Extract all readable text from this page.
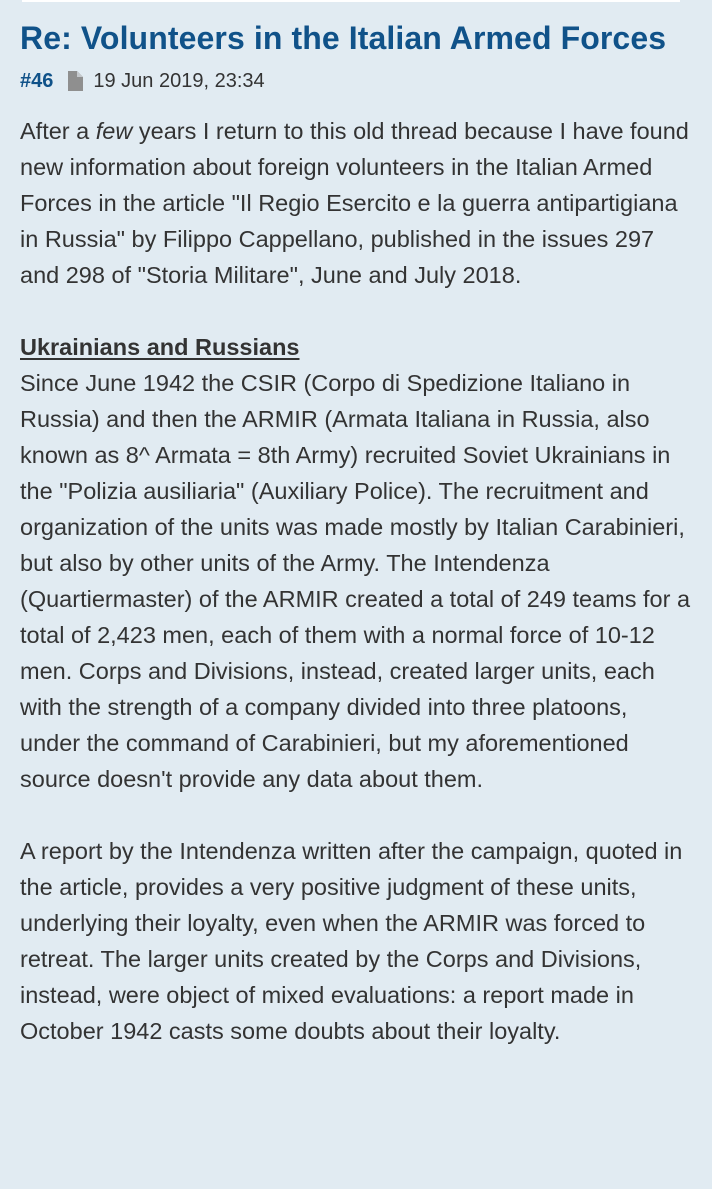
Re: Volunteers in the Italian Armed Forces
#46 19 Jun 2019, 23:34

After a few years I return to this old thread because I have found new information about foreign volunteers in the Italian Armed Forces in the article "Il Regio Esercito e la guerra antipartigiana in Russia" by Filippo Cappellano, published in the issues 297 and 298 of "Storia Militare", June and July 2018.

Ukrainians and Russians

Since June 1942 the CSIR (Corpo di Spedizione Italiano in Russia) and then the ARMIR (Armata Italiana in Russia, also known as 8^ Armata = 8th Army) recruited Soviet Ukrainians in the "Polizia ausiliaria" (Auxiliary Police). The recruitment and organization of the units was made mostly by Italian Carabinieri, but also by other units of the Army. The Intendenza (Quartiermaster) of the ARMIR created a total of 249 teams for a total of 2,423 men, each of them with a normal force of 10-12 men. Corps and Divisions, instead, created larger units, each with the strength of a company divided into three platoons, under the command of Carabinieri, but my aforementioned source doesn't provide any data about them.

A report by the Intendenza written after the campaign, quoted in the article, provides a very positive judgment of these units, underlying their loyalty, even when the ARMIR was forced to retreat. The larger units created by the Corps and Divisions, instead, were object of mixed evaluations: a report made in October 1942 casts some doubts about their loyalty.
